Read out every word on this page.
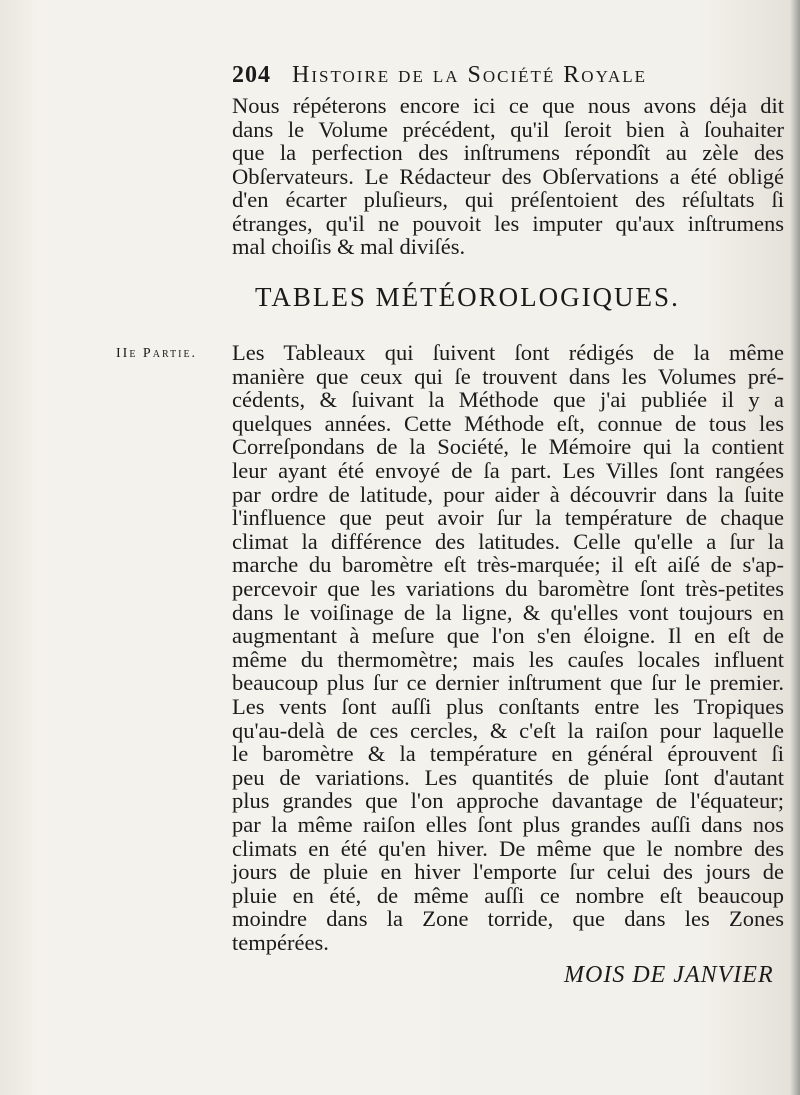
204 Histoire de la Société Royale
Nous répéterons encore ici ce que nous avons déja dit
dans le Volume précédent, qu'il ſeroit bien à ſouhaiter
que la perfection des inſtrumens répondît au zèle des
Obſervateurs. Le Rédacteur des Obſervations a été obligé
d'en écarter pluſieurs, qui préſentoient des réſultats ſi
étranges, qu'il ne pouvoit les imputer qu'aux inſtrumens
mal choiſis & mal diviſés.
TABLES MÉTÉOROLOGIQUES.
IIe Partie. Les Tableaux qui ſuivent ſont rédigés de la même
manière que ceux qui ſe trouvent dans les Volumes pré-
cédents, & ſuivant la Méthode que j'ai publiée il y a
quelques années. Cette Méthode eſt, connue de tous les
Correſpondans de la Société, le Mémoire qui la contient
leur ayant été envoyé de ſa part. Les Villes ſont rangées
par ordre de latitude, pour aider à découvrir dans la ſuite
l'influence que peut avoir ſur la température de chaque
climat la différence des latitudes. Celle qu'elle a ſur la
marche du baromètre eſt très-marquée; il eſt aiſé de s'ap-
percevoir que les variations du baromètre ſont très-petites
dans le voiſinage de la ligne, & qu'elles vont toujours en
augmentant à meſure que l'on s'en éloigne. Il en eſt de
même du thermomètre; mais les cauſes locales influent
beaucoup plus ſur ce dernier inſtrument que ſur le premier.
Les vents ſont auſſi plus conſtants entre les Tropiques
qu'au-delà de ces cercles, & c'eſt la raiſon pour laquelle
le baromètre & la température en général éprouvent ſi
peu de variations. Les quantités de pluie ſont d'autant
plus grandes que l'on approche davantage de l'équateur;
par la même raiſon elles ſont plus grandes auſſi dans nos
climats en été qu'en hiver. De même que le nombre des
jours de pluie en hiver l'emporte ſur celui des jours de
pluie en été, de même auſſi ce nombre eſt beaucoup
moindre dans la Zone torride, que dans les Zones
tempérées.
MOIS DE JANVIER
